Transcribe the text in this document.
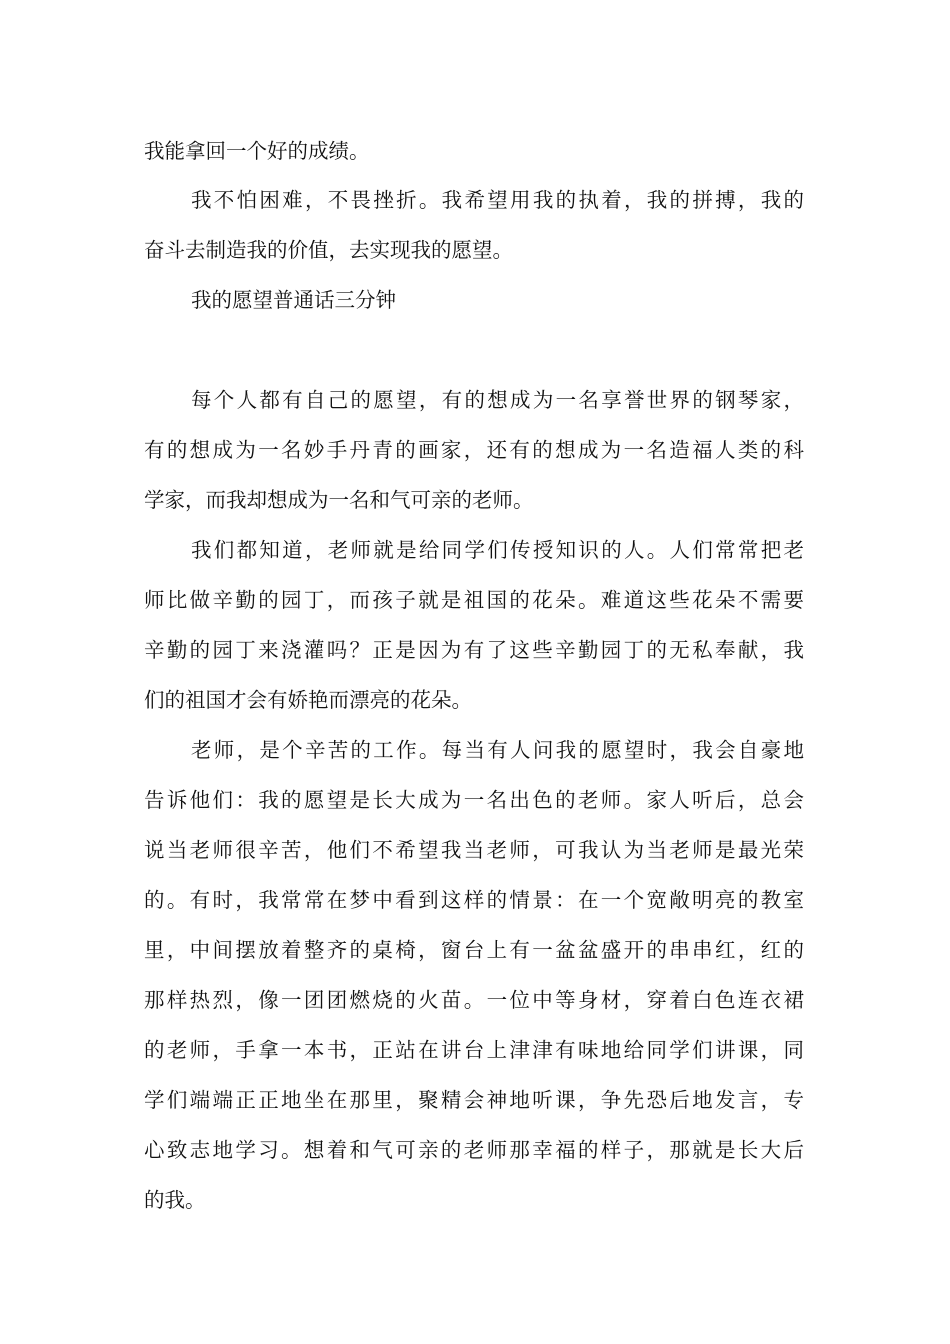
我能拿回一个好的成绩。

我不怕困难，不畏挫折。我希望用我的执着，我的拼搏，我的

奋斗去制造我的价值，去实现我的愿望。

我的愿望普通话三分钟

每个人都有自己的愿望，有的想成为一名享誉世界的钢琴家，

有的想成为一名妙手丹青的画家，还有的想成为一名造福人类的科

学家，而我却想成为一名和气可亲的老师。

我们都知道，老师就是给同学们传授知识的人。人们常常把老

师比做辛勤的园丁，而孩子就是祖国的花朵。难道这些花朵不需要

辛勤的园丁来浇灌吗？正是因为有了这些辛勤园丁的无私奉献，我

们的祖国才会有娇艳而漂亮的花朵。

老师，是个辛苦的工作。每当有人问我的愿望时，我会自豪地

告诉他们：我的愿望是长大成为一名出色的老师。家人听后，总会

说当老师很辛苦，他们不希望我当老师，可我认为当老师是最光荣

的。有时，我常常在梦中看到这样的情景：在一个宽敞明亮的教室

里，中间摆放着整齐的桌椅，窗台上有一盆盆盛开的串串红，红的

那样热烈，像一团团燃烧的火苗。一位中等身材，穿着白色连衣裙

的老师，手拿一本书，正站在讲台上津津有味地给同学们讲课，同

学们端端正正地坐在那里，聚精会神地听课，争先恐后地发言，专

心致志地学习。想着和气可亲的老师那幸福的样子，那就是长大后

的我。
